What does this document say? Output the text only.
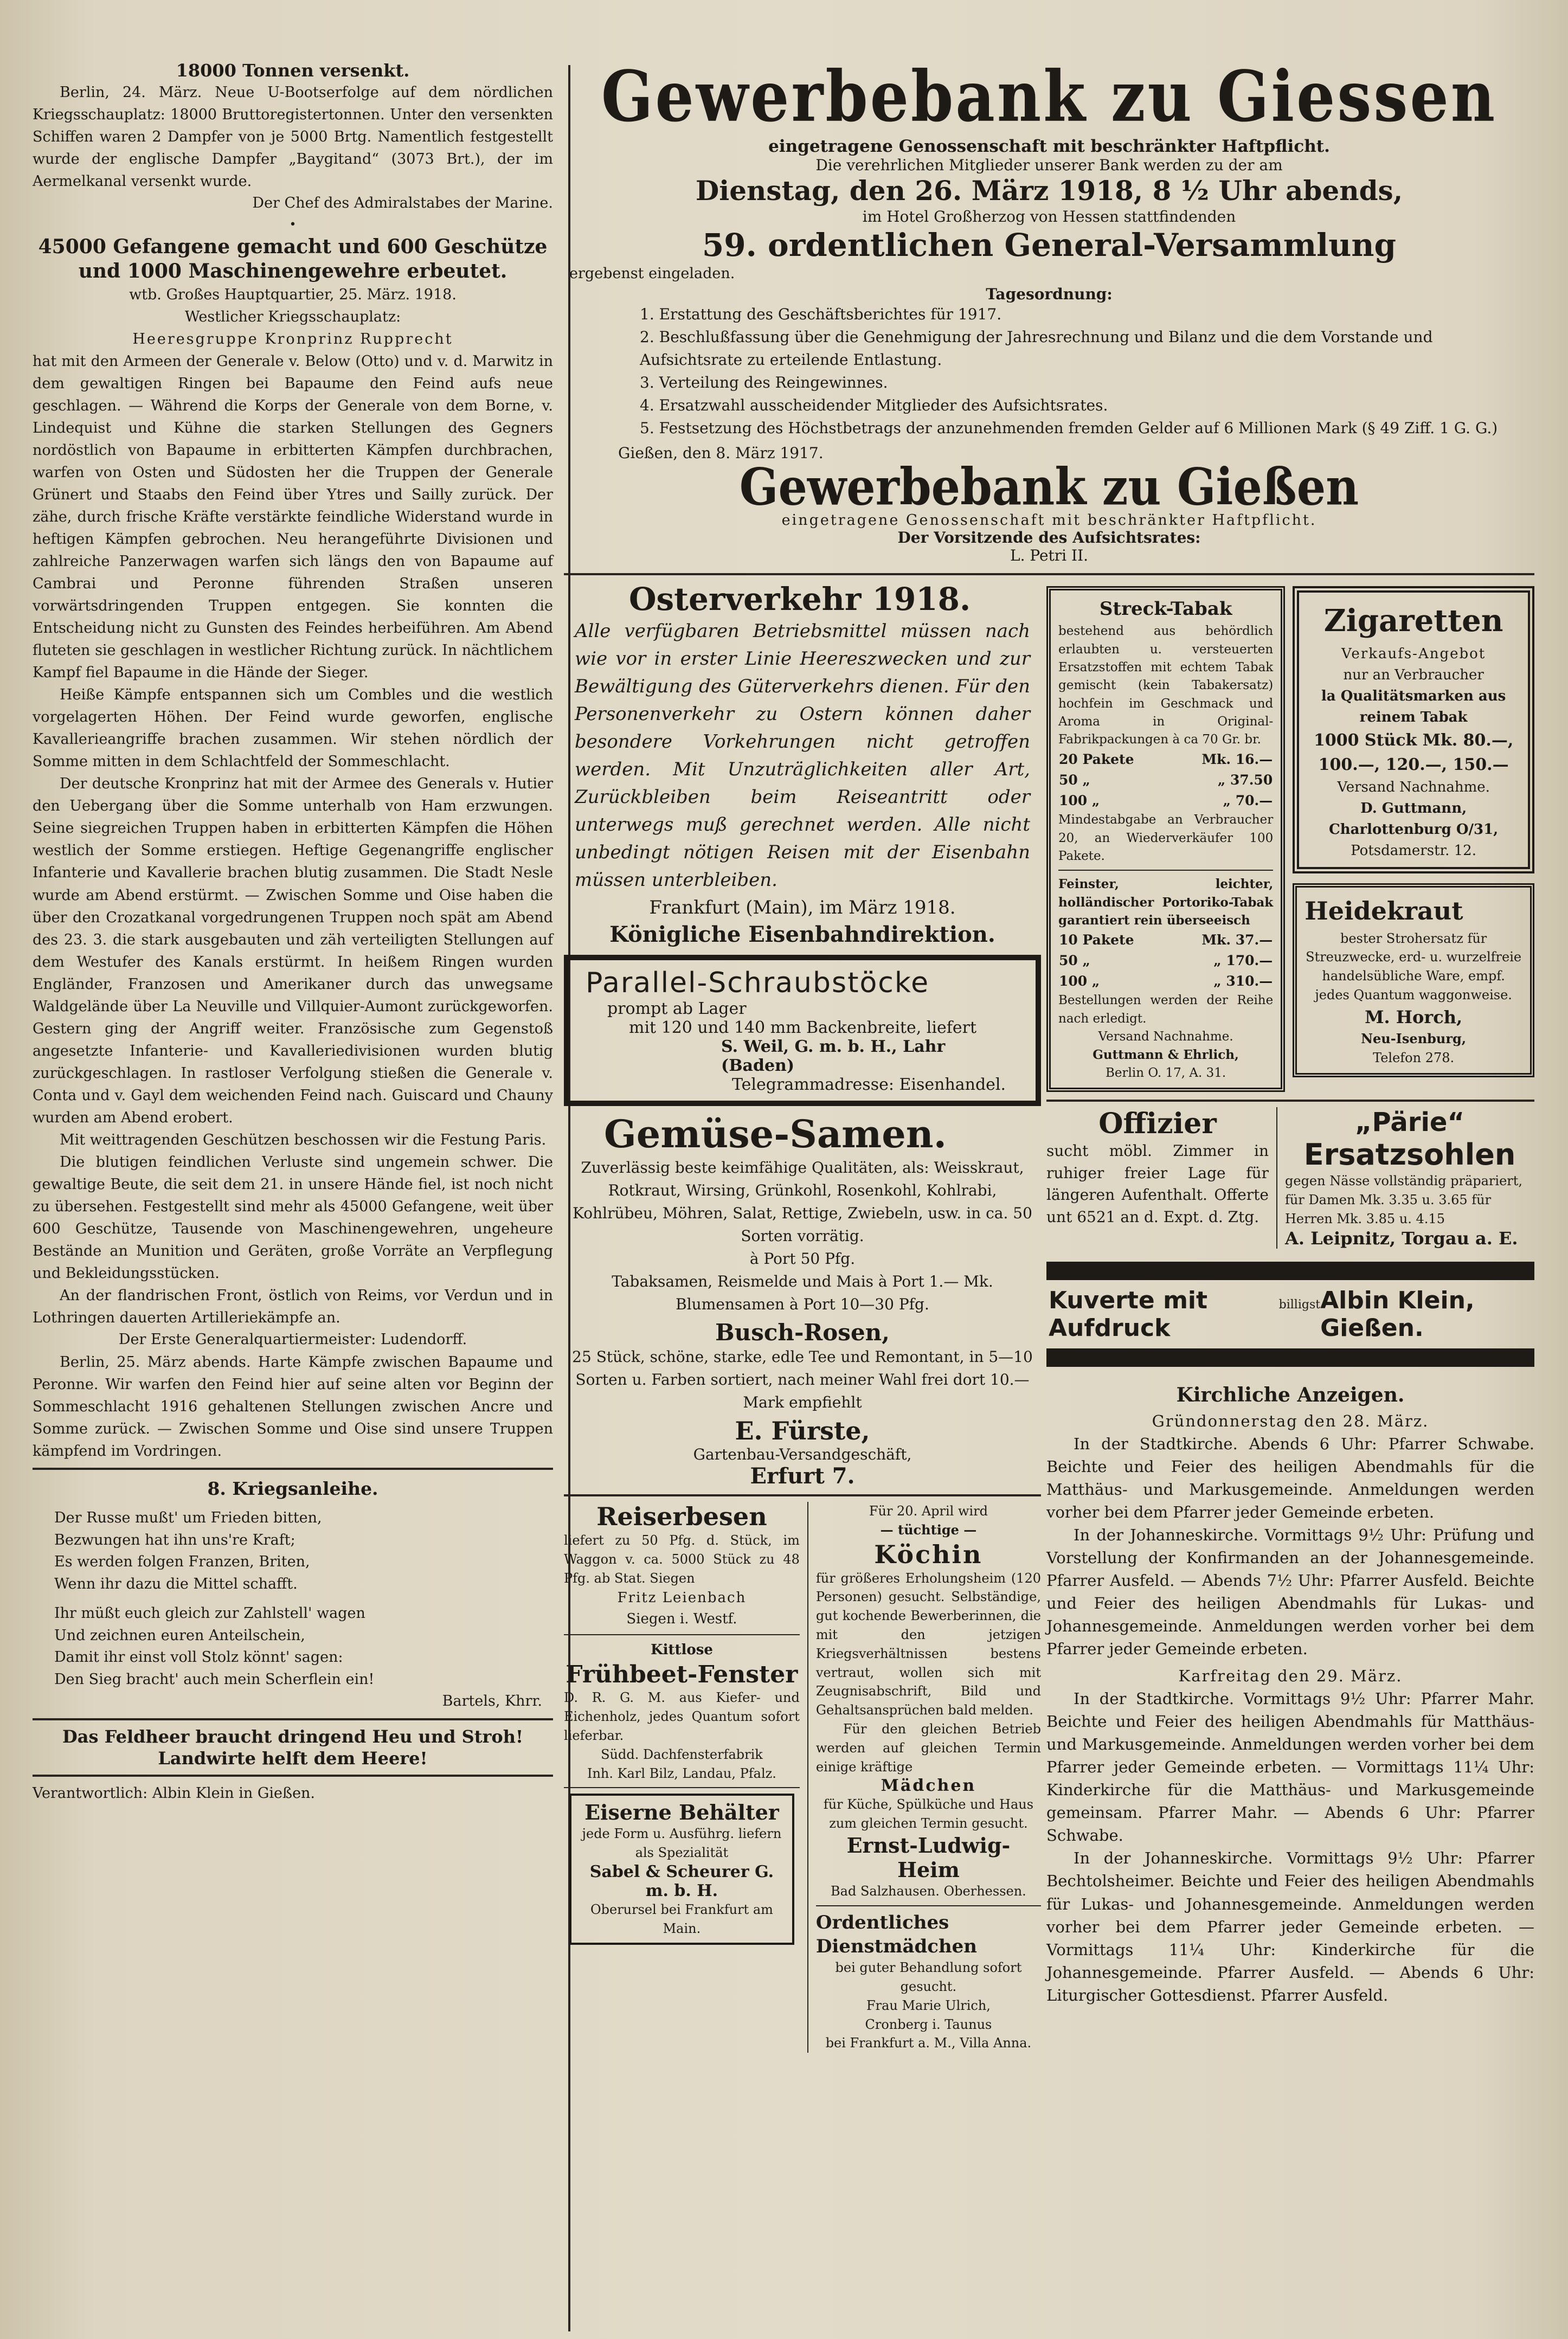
18000 Tonnen versenkt.

Berlin, 24. März. Neue U-Bootserfolge auf dem nördlichen Kriegsschauplatz: 18000 Bruttoregistertonnen. Unter den versenkten Schiffen waren 2 Dampfer von je 5000 Brtg. Namentlich festgestellt wurde der englische Dampfer „Baygitand“ (3073 Brt.), der im Aermelkanal versenkt wurde.

Der Chef des Admiralstabes der Marine.

•

45000 Gefangene gemacht und 600 Geschütze und 1000 Maschinengewehre erbeutet.

wtb. Großes Hauptquartier, 25. März. 1918.

Westlicher Kriegsschauplatz:

Heeresgruppe Kronprinz Rupprecht

hat mit den Armeen der Generale v. Below (Otto) und v. d. Marwitz in dem gewaltigen Ringen bei Bapaume den Feind aufs neue geschlagen. — Während die Korps der Generale von dem Borne, v. Lindequist und Kühne die starken Stellungen des Gegners nordöstlich von Bapaume in erbitterten Kämpfen durchbrachen, warfen von Osten und Südosten her die Truppen der Generale Grünert und Staabs den Feind über Ytres und Sailly zurück. Der zähe, durch frische Kräfte verstärkte feindliche Widerstand wurde in heftigen Kämpfen gebrochen. Neu herangeführte Divisionen und zahlreiche Panzerwagen warfen sich längs den von Bapaume auf Cambrai und Peronne führenden Straßen unseren vorwärtsdringenden Truppen entgegen. Sie konnten die Entscheidung nicht zu Gunsten des Feindes herbeiführen. Am Abend fluteten sie geschlagen in westlicher Richtung zurück. In nächtlichem Kampf fiel Bapaume in die Hände der Sieger.

Heiße Kämpfe entspannen sich um Combles und die westlich vorgelagerten Höhen. Der Feind wurde geworfen, englische Kavallerieangriffe brachen zusammen. Wir stehen nördlich der Somme mitten in dem Schlachtfeld der Sommeschlacht.

Der deutsche Kronprinz hat mit der Armee des Generals v. Hutier den Uebergang über die Somme unterhalb von Ham erzwungen. Seine siegreichen Truppen haben in erbitterten Kämpfen die Höhen westlich der Somme erstiegen. Heftige Gegenangriffe englischer Infanterie und Kavallerie brachen blutig zusammen. Die Stadt Nesle wurde am Abend erstürmt. — Zwischen Somme und Oise haben die über den Crozatkanal vorgedrungenen Truppen noch spät am Abend des 23. 3. die stark ausgebauten und zäh verteiligten Stellungen auf dem Westufer des Kanals erstürmt. In heißem Ringen wurden Engländer, Franzosen und Amerikaner durch das unwegsame Waldgelände über La Neuville und Villquier-Aumont zurückgeworfen. Gestern ging der Angriff weiter. Französische zum Gegenstoß angesetzte Infanterie- und Kavalleriedivisionen wurden blutig zurückgeschlagen. In rastloser Verfolgung stießen die Generale v. Conta und v. Gayl dem weichenden Feind nach. Guiscard und Chauny wurden am Abend erobert.

Mit weittragenden Geschützen beschossen wir die Festung Paris.

Die blutigen feindlichen Verluste sind ungemein schwer. Die gewaltige Beute, die seit dem 21. in unsere Hände fiel, ist noch nicht zu übersehen. Festgestellt sind mehr als 45000 Gefangene, weit über 600 Geschütze, Tausende von Maschinengewehren, ungeheure Bestände an Munition und Geräten, große Vorräte an Verpflegung und Bekleidungsstücken.

An der flandrischen Front, östlich von Reims, vor Verdun und in Lothringen dauerten Artilleriekämpfe an.

Der Erste Generalquartiermeister: Ludendorff.

Berlin, 25. März abends. Harte Kämpfe zwischen Bapaume und Peronne. Wir warfen den Feind hier auf seine alten vor Beginn der Sommeschlacht 1916 gehaltenen Stellungen zwischen Ancre und Somme zurück. — Zwischen Somme und Oise sind unsere Truppen kämpfend im Vordringen.

8. Kriegsanleihe.

Der Russe mußt' um Frieden bitten,

Bezwungen hat ihn uns're Kraft;

Es werden folgen Franzen, Briten,

Wenn ihr dazu die Mittel schafft.

Ihr müßt euch gleich zur Zahlstell' wagen

Und zeichnen euren Anteilschein,

Damit ihr einst voll Stolz könnt' sagen:

Den Sieg bracht' auch mein Scherflein ein!

Bartels, Khrr.

Das Feldheer braucht dringend Heu und Stroh!

Landwirte helft dem Heere!

Verantwortlich: Albin Klein in Gießen.

Gewerbebank zu Giessen

eingetragene Genossenschaft mit beschränkter Haftpflicht.

Die verehrlichen Mitglieder unserer Bank werden zu der am

Dienstag, den 26. März 1918, 8 ½ Uhr abends,

im Hotel Großherzog von Hessen stattfindenden

59. ordentlichen General-Versammlung

ergebenst eingeladen.

Tagesordnung:

1. Erstattung des Geschäftsberichtes für 1917.

2. Beschlußfassung über die Genehmigung der Jahresrechnung und Bilanz und die dem Vorstande und Aufsichtsrate zu erteilende Entlastung.

3. Verteilung des Reingewinnes.

4. Ersatzwahl ausscheidender Mitglieder des Aufsichtsrates.

5. Festsetzung des Höchstbetrags der anzunehmenden fremden Gelder auf 6 Millionen Mark (§ 49 Ziff. 1 G. G.)

Gießen, den 8. März 1917.

Gewerbebank zu Gießen

eingetragene Genossenschaft mit beschränkter Haftpflicht.

Der Vorsitzende des Aufsichtsrates:

L. Petri II.

Osterverkehr 1918.

Alle verfügbaren Betriebsmittel müssen nach wie vor in erster Linie Heereszwecken und zur Bewältigung des Güterverkehrs dienen. Für den Personenverkehr zu Ostern können daher besondere Vorkehrungen nicht getroffen werden. Mit Unzuträglichkeiten aller Art, Zurückbleiben beim Reiseantritt oder unterwegs muß gerechnet werden. Alle nicht unbedingt nötigen Reisen mit der Eisenbahn müssen unterbleiben.

Frankfurt (Main), im März 1918.

Königliche Eisenbahndirektion.

Parallel-Schraubstöcke

prompt ab Lager

mit 120 und 140 mm Backenbreite, liefert

S. Weil, G. m. b. H., Lahr (Baden)

Telegrammadresse: Eisenhandel.

Gemüse-Samen.

Zuverlässig beste keimfähige Qualitäten, als: Weisskraut, Rotkraut, Wirsing, Grünkohl, Rosenkohl, Kohlrabi, Kohlrübeu, Möhren, Salat, Rettige, Zwiebeln, usw. in ca. 50 Sorten vorrätig.

à Port 50 Pfg.

Tabaksamen, Reismelde und Mais à Port 1.— Mk. Blumensamen à Port 10—30 Pfg.

Busch-Rosen,

25 Stück, schöne, starke, edle Tee und Remontant, in 5—10 Sorten u. Farben sortiert, nach meiner Wahl frei dort 10.—Mark empfiehlt

E. Fürste,

Gartenbau-Versandgeschäft,

Erfurt 7.

Reiserbesen

liefert zu 50 Pfg. d. Stück, im Waggon v. ca. 5000 Stück zu 48 Pfg. ab Stat. Siegen

Fritz Leienbach

Siegen i. Westf.

Kittlose

Frühbeet-Fenster

D. R. G. M. aus Kiefer- und Eichenholz, jedes Quantum sofort lieferbar.

Südd. Dachfensterfabrik

Inh. Karl Bilz, Landau, Pfalz.

Eiserne Behälter

jede Form u. Ausführg. liefern als Spezialität

Sabel & Scheurer G. m. b. H.

Oberursel bei Frankfurt am Main.

Für 20. April wird

— tüchtige —

Köchin

für größeres Erholungsheim (120 Personen) gesucht. Selbständige, gut kochende Bewerberinnen, die mit den jetzigen Kriegsverhältnissen bestens vertraut, wollen sich mit Zeugnisabschrift, Bild und Gehaltsansprüchen bald melden.

Für den gleichen Betrieb werden auf gleichen Termin einige kräftige

Mädchen

für Küche, Spülküche und Haus zum gleichen Termin gesucht.

Ernst-Ludwig-Heim

Bad Salzhausen. Oberhessen.

Ordentliches Dienstmädchen

bei guter Behandlung sofort gesucht.

Frau Marie Ulrich,

Cronberg i. Taunus

bei Frankfurt a. M., Villa Anna.

Streck-Tabak

bestehend aus behördlich erlaubten u. versteuerten Ersatzstoffen mit echtem Tabak gemischt (kein Tabakersatz) hochfein im Geschmack und Aroma in Original-Fabrikpackungen à ca 70 Gr. br.

20 Pakete	Mk. 16.—
50 „	„ 37.50
100 „	„ 70.—

Mindestabgabe an Verbraucher 20, an Wiederverkäufer 100 Pakete.

Feinster, leichter, holländischer Portoriko-Tabak garantiert rein überseeisch

10 Pakete	Mk. 37.—
50 „	„ 170.—
100 „	„ 310.—

Bestellungen werden der Reihe nach erledigt.

Versand Nachnahme.

Guttmann & Ehrlich,

Berlin O. 17, A. 31.

Zigaretten

Verkaufs-Angebot

nur an Verbraucher

la Qualitätsmarken aus reinem Tabak

1000 Stück Mk. 80.—,

100.—, 120.—, 150.—

Versand Nachnahme.

D. Guttmann,

Charlottenburg O/31,

Potsdamerstr. 12.

Heidekraut

bester Strohersatz für Streuzwecke, erd- u. wurzelfreie handelsübliche Ware, empf. jedes Quantum waggonweise.

M. Horch,

Neu-Isenburg,

Telefon 278.

Offizier

sucht möbl. Zimmer in ruhiger freier Lage für längeren Aufenthalt. Offerte unt 6521 an d. Expt. d. Ztg.

„Pärie“

Ersatzsohlen

gegen Nässe vollständig präpariert, für Damen Mk. 3.35 u. 3.65 für Herren Mk. 3.85 u. 4.15

A. Leipnitz, Torgau a. E.

Kuverte mit Aufdruck
billigst Albin Klein, Gießen.

Kirchliche Anzeigen.

Gründonnerstag den 28. März.

In der Stadtkirche. Abends 6 Uhr: Pfarrer Schwabe. Beichte und Feier des heiligen Abendmahls für die Matthäus- und Markusgemeinde. Anmeldungen werden vorher bei dem Pfarrer jeder Gemeinde erbeten.

In der Johanneskirche. Vormittags 9½ Uhr: Prüfung und Vorstellung der Konfirmanden an der Johannesgemeinde. Pfarrer Ausfeld. — Abends 7½ Uhr: Pfarrer Ausfeld. Beichte und Feier des heiligen Abendmahls für Lukas- und Johannesgemeinde. Anmeldungen werden vorher bei dem Pfarrer jeder Gemeinde erbeten.

Karfreitag den 29. März.

In der Stadtkirche. Vormittags 9½ Uhr: Pfarrer Mahr. Beichte und Feier des heiligen Abendmahls für Matthäus- und Markusgemeinde. Anmeldungen werden vorher bei dem Pfarrer jeder Gemeinde erbeten. — Vormittags 11¼ Uhr: Kinderkirche für die Matthäus- und Markusgemeinde gemeinsam. Pfarrer Mahr. — Abends 6 Uhr: Pfarrer Schwabe.

In der Johanneskirche. Vormittags 9½ Uhr: Pfarrer Bechtolsheimer. Beichte und Feier des heiligen Abendmahls für Lukas- und Johannesgemeinde. Anmeldungen werden vorher bei dem Pfarrer jeder Gemeinde erbeten. — Vormittags 11¼ Uhr: Kinderkirche für die Johannesgemeinde. Pfarrer Ausfeld. — Abends 6 Uhr: Liturgischer Gottesdienst. Pfarrer Ausfeld.
